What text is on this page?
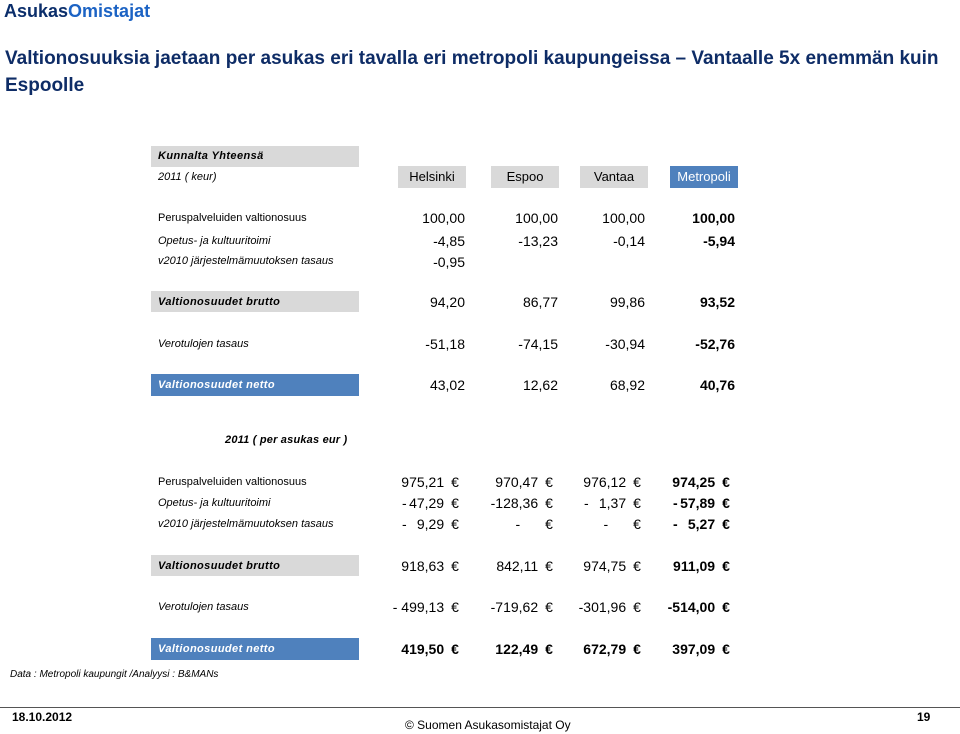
AsukasOmistajat
Valtionosuuksia jaetaan per asukas eri tavalla eri metropoli kaupungeissa – Vantaalle 5x enemmän kuin Espoolle
Kunnalta Yhteensä
2011 ( keur)	Helsinki	Espoo	Vantaa	Metropoli
Peruspalveluiden valtionosuus	100,00	100,00	100,00	100,00
Opetus- ja kultuuritoimi	-4,85	-13,23	-0,14	-5,94
v2010 järjestelmämuutoksen tasaus	-0,95
Valtionosuudet brutto	94,20	86,77	99,86	93,52
Verotulojen tasaus	-51,18	-74,15	-30,94	-52,76
Valtionosuudet netto	43,02	12,62	68,92	40,76
2011 ( per asukas eur )
Peruspalveluiden valtionosuus	975,21 €	970,47 € 976,12 € 974,25 €
Opetus- ja kultuuritoimi	- 47,29 € -128,36 € - 1,37 € - 57,89 €
v2010 järjestelmämuutoksen tasaus	- 9,29 €	- €	- € - 5,27 €
Valtionosuudet brutto	918,63 €	842,11 € 974,75 € 911,09 €
Verotulojen tasaus	- 499,13 € -719,62 € -301,96 € -514,00 €
Valtionosuudet netto	419,50 €	122,49 € 672,79 € 397,09 €
Data : Metropoli kaupungit /Analyysi : B&MANs
18.10.2012
© Suomen Asukasomistajat Oy
19
